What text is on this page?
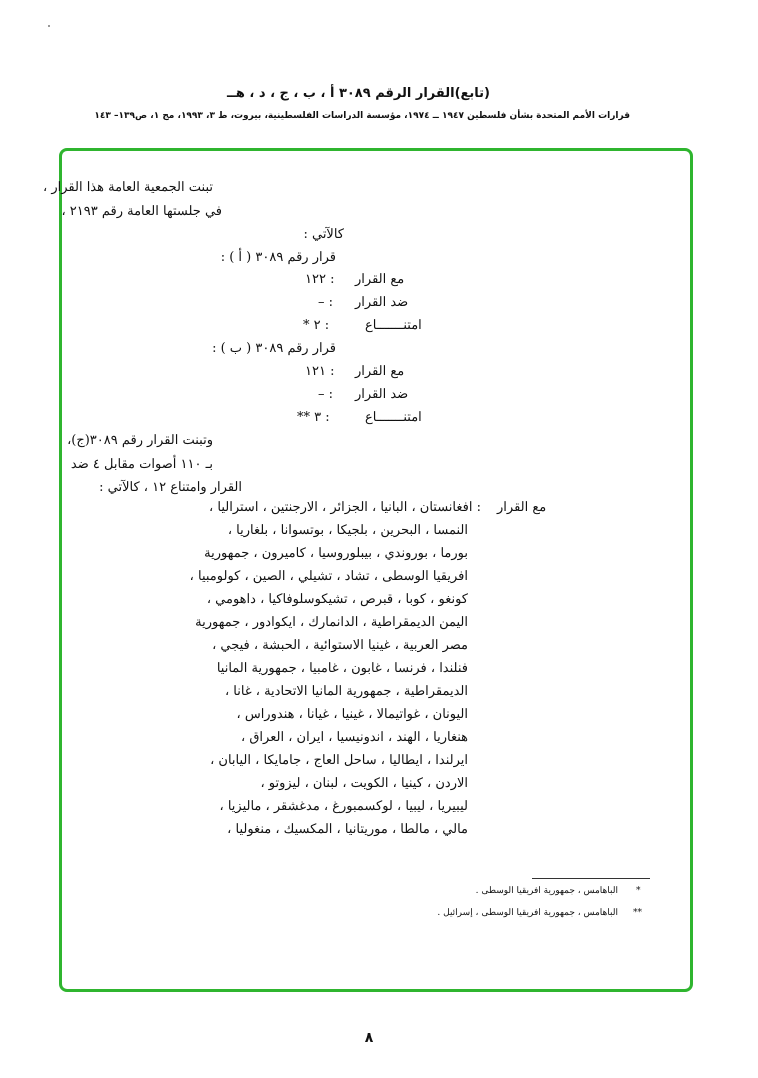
(تابع)القرار الرقم ٣٠٨٩ أ ، ب ، ج ، د ، هــ
قرارات الأمم المتحدة بشأن فلسطين ١٩٤٧ ــ ١٩٧٤، مؤسسة الدراسات الفلسطينية، بيروت، ط ٣، ١٩٩٣، مج ١، ص١٣٩– ١٤٣
تبنت الجمعية العامة هذا القرار ،
في جلستها العامة رقم ٢١٩٣ ،
كالآتي :
قرار رقم ٣٠٨٩ ( أ ) :
مع القرار
: ١٢٢
ضد القرار
: –
امتنـــــــاع
: ٢ *
قرار رقم ٣٠٨٩ ( ب ) :
مع القرار
: ١٢١
ضد القرار
: –
امتنـــــــاع
: ٣ **
وتبنت القرار رقم ٣٠٨٩(ج)،
بـ ١١٠ أصوات مقابل ٤ ضد
القرار وامتناع ١٢ ، كالآتي :
مع القرار
: افغانستان ، البانيا ، الجزائر ، الارجنتين ، استراليا ،
النمسا ، البحرين ، بلجيكا ، بوتسوانا ، بلغاريا ،
بورما ، بوروندي ، بيبلوروسيا ، كاميرون ، جمهورية
افريقيا الوسطى ، تشاد ، تشيلي ، الصين ، كولومبيا ،
كونغو ، كوبا ، قبرص ، تشيكوسلوفاكيا ، داهومي ،
اليمن الديمقراطية ، الدانمارك ، ايكوادور ، جمهورية
مصر العربية ، غينيا الاستوائية ، الحبشة ، فيجي ،
فنلندا ، فرنسا ، غابون ، غامبيا ، جمهورية المانيا
الديمقراطية ، جمهورية المانيا الاتحادية ، غانا ،
اليونان ، غواتيمالا ، غينيا ، غيانا ، هندوراس ،
هنغاريا ، الهند ، اندونيسيا ، ايران ، العراق ،
ايرلندا ، ايطاليا ، ساحل العاج ، جامايكا ، اليابان ،
الاردن ، كينيا ، الكويت ، لبنان ، ليزوتو ،
ليبيريا ، ليبيا ، لوكسمبورغ ، مدغشقر ، ماليزيا ،
مالي ، مالطا ، موريتانيا ، المكسيك ، منغوليا ،
*
الباهامس ، جمهورية افريقيا الوسطى .
**
الباهامس ، جمهورية افريقيا الوسطى ، إسرائيل .
٨
